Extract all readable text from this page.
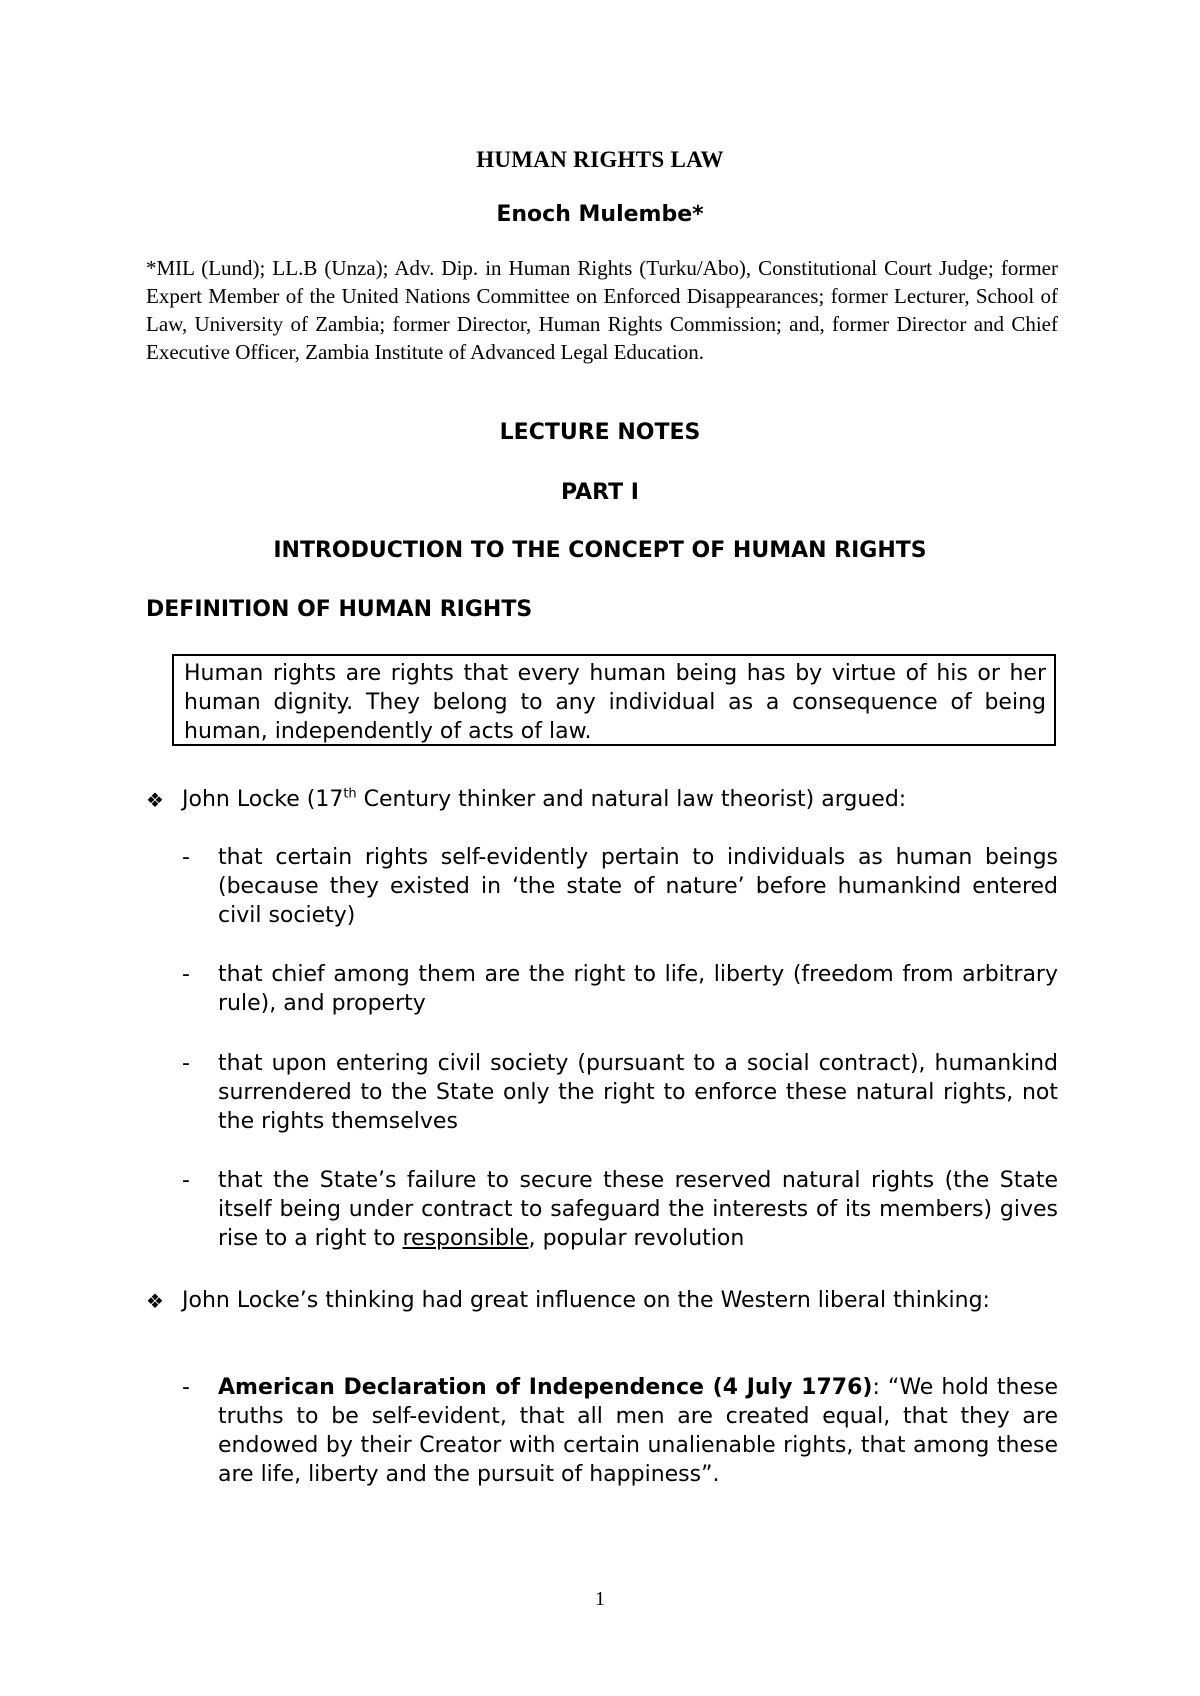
HUMAN RIGHTS LAW
Enoch Mulembe*
*MIL (Lund); LL.B (Unza); Adv. Dip. in Human Rights (Turku/Abo), Constitutional Court Judge; former Expert Member of the United Nations Committee on Enforced Disappearances; former Lecturer, School of Law, University of Zambia; former Director, Human Rights Commission; and, former Director and Chief Executive Officer, Zambia Institute of Advanced Legal Education.
LECTURE NOTES
PART I
INTRODUCTION TO THE CONCEPT OF HUMAN RIGHTS
DEFINITION OF HUMAN RIGHTS
Human rights are rights that every human being has by virtue of his or her human dignity. They belong to any individual as a consequence of being human, independently of acts of law.
❖ John Locke (17th Century thinker and natural law theorist) argued:
- that certain rights self-evidently pertain to individuals as human beings (because they existed in ‘the state of nature’ before humankind entered civil society)
- that chief among them are the right to life, liberty (freedom from arbitrary rule), and property
- that upon entering civil society (pursuant to a social contract), humankind surrendered to the State only the right to enforce these natural rights, not the rights themselves
- that the State’s failure to secure these reserved natural rights (the State itself being under contract to safeguard the interests of its members) gives rise to a right to responsible, popular revolution
❖ John Locke’s thinking had great influence on the Western liberal thinking:
- American Declaration of Independence (4 July 1776): “We hold these truths to be self-evident, that all men are created equal, that they are endowed by their Creator with certain unalienable rights, that among these are life, liberty and the pursuit of happiness”.
1
